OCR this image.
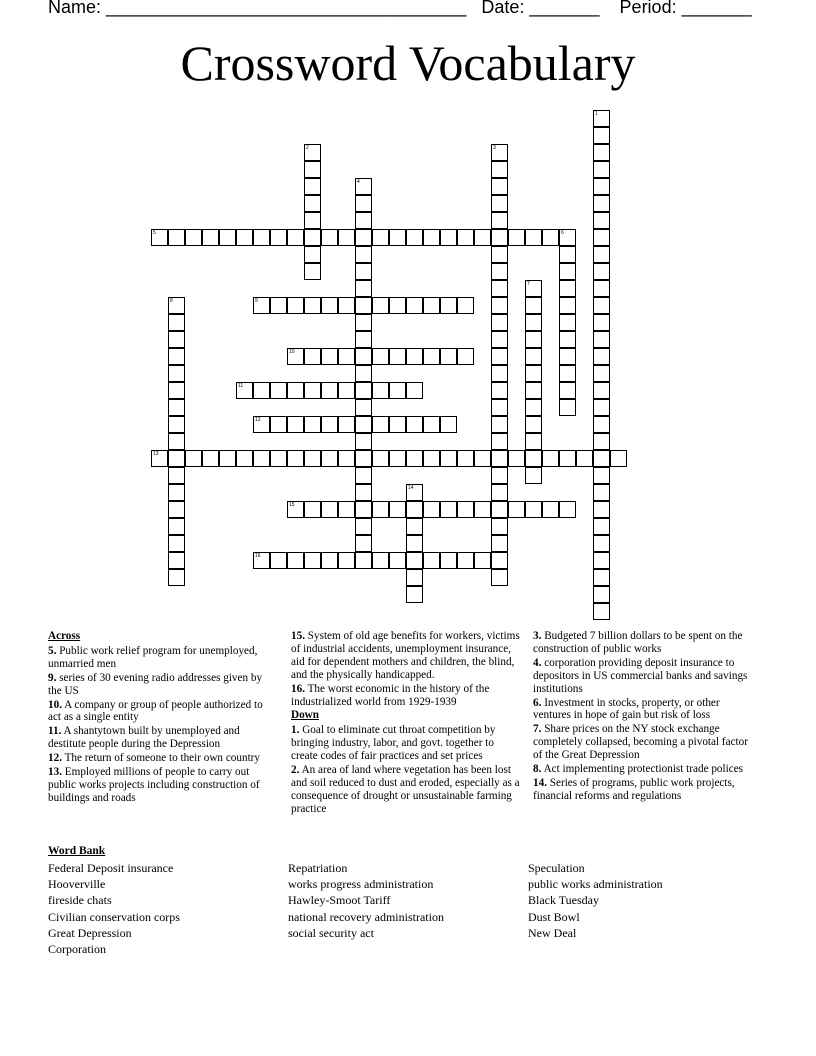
Name: ____________________________________ Date: _______ Period: _______
Crossword Vocabulary
1
2	3
4
5	6
7
8	9
10
11
12
13
14
15
16
Across
5. Public work relief program for unemployed, unmarried men
9. series of 30 evening radio addresses given by the US
10. A company or group of people authorized to act as a single entity
11. A shantytown built by unemployed and destitute people during the Depression
12. The return of someone to their own country
13. Employed millions of people to carry out public works projects including construction of buildings and roads
15. System of old age benefits for workers, victims of industrial accidents, unemployment insurance, aid for dependent mothers and children, the blind, and the physically handicapped.
16. The worst economic in the history of the industrialized world from 1929-1939
Down
1. Goal to eliminate cut throat competition by bringing industry, labor, and govt. together to create codes of fair practices and set prices
2. An area of land where vegetation has been lost and soil reduced to dust and eroded, especially as a consequence of drought or unsustainable farming practice
3. Budgeted 7 billion dollars to be spent on the construction of public works
4. corporation providing deposit insurance to depositors in US commercial banks and savings institutions
6. Investment in stocks, property, or other ventures in hope of gain but risk of loss
7. Share prices on the NY stock exchange completely collapsed, becoming a pivotal factor of the Great Depression
8. Act implementing protectionist trade polices
14. Series of programs, public work projects, financial reforms and regulations
Word Bank
Federal Deposit insurance
Hooverville
fireside chats
Civilian conservation corps
Great Depression
Corporation
Repatriation
works progress administration
Hawley-Smoot Tariff
national recovery administration
social security act
Speculation
public works administration
Black Tuesday
Dust Bowl
New Deal
